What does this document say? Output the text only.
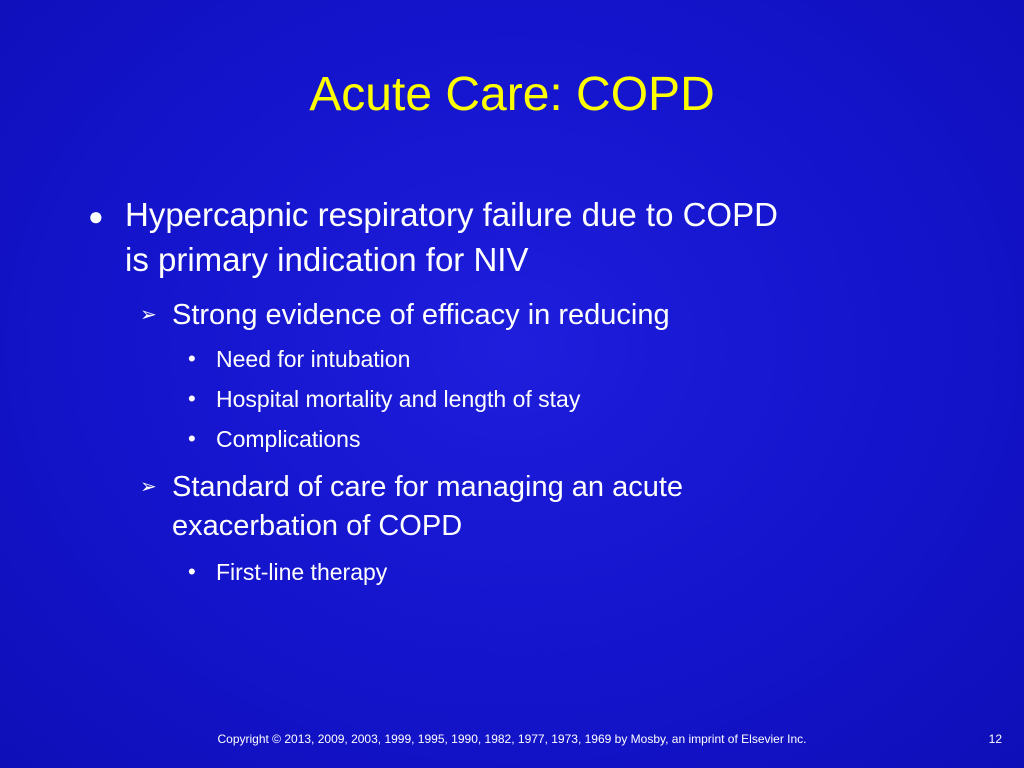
Acute Care: COPD
● Hypercapnic respiratory failure due to COPD
is primary indication for NIV
➢ Strong evidence of efficacy in reducing
• Need for intubation
• Hospital mortality and length of stay
• Complications
➢ Standard of care for managing an acute
exacerbation of COPD
• First-line therapy
Copyright © 2013, 2009, 2003, 1999, 1995, 1990, 1982, 1977, 1973, 1969 by Mosby, an imprint of Elsevier Inc.	12
